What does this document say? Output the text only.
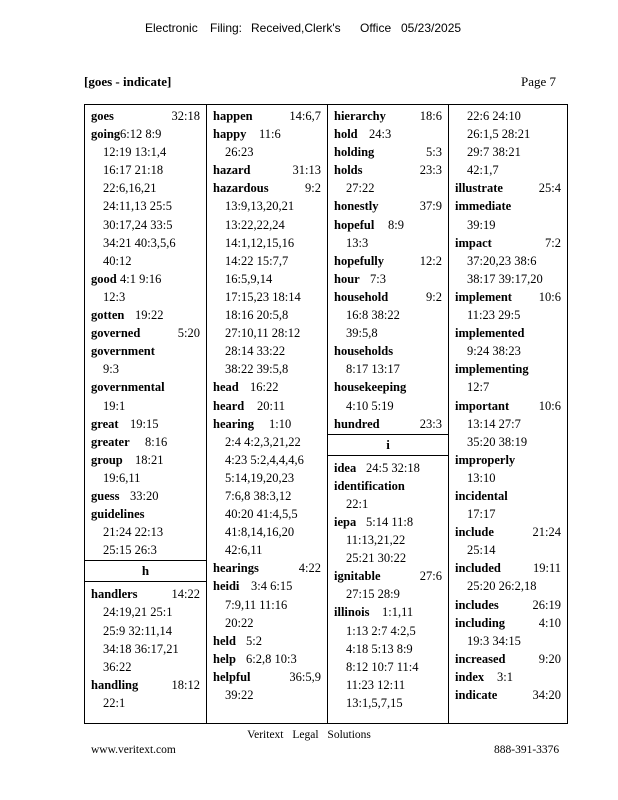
Electronic Filing: Received,Clerk's Office 05/23/2025
[goes - indicate]	Page 7
goes	32:18
going 6:12 8:9
12:19 13:1,4
16:17 21:18
22:6,16,21
24:11,13 25:5
30:17,24 33:5
34:21 40:3,5,6
40:12
good 4:1 9:16
12:3
gotten 19:22
governed	5:20
government
9:3
governmental
19:1
great 19:15
greater 8:16
group 18:21
19:6,11
guess 33:20
guidelines
21:24 22:13
25:15 26:3
h
handlers	14:22
24:19,21 25:1
25:9 32:11,14
34:18 36:17,21
36:22
handling	18:12
22:1
happen	14:6,7
happy 11:6
26:23
hazard	31:13
hazardous	9:2
13:9,13,20,21
13:22,22,24
14:1,12,15,16
14:22 15:7,7
16:5,9,14
17:15,23 18:14
18:16 20:5,8
27:10,11 28:12
28:14 33:22
38:22 39:5,8
head 16:22
heard 20:11
hearing 1:10
2:4 4:2,3,21,22
4:23 5:2,4,4,4,6
5:14,19,20,23
7:6,8 38:3,12
40:20 41:4,5,5
41:8,14,16,20
42:6,11
hearings	4:22
heidi 3:4 6:15
7:9,11 11:16
20:22
held 5:2
help 6:2,8 10:3
helpful	36:5,9
39:22
hierarchy	18:6
hold 24:3
holding	5:3
holds	23:3
27:22
honestly	37:9
hopeful 8:9
13:3
hopefully	12:2
hour 7:3
household	9:2
16:8 38:22
39:5,8
households
8:17 13:17
housekeeping
4:10 5:19
hundred	23:3
i
idea 24:5 32:18
identification
22:1
iepa 5:14 11:8
11:13,21,22
25:21 30:22
ignitable	27:6
27:15 28:9
illinois 1:1,11
1:13 2:7 4:2,5
4:18 5:13 8:9
8:12 10:7 11:4
11:23 12:11
13:1,5,7,15
22:6 24:10
26:1,5 28:21
29:7 38:21
42:1,7
illustrate	25:4
immediate
39:19
impact	7:2
37:20,23 38:6
38:17 39:17,20
implement 10:6
11:23 29:5
implemented
9:24 38:23
implementing
12:7
important 10:6
13:14 27:7
35:20 38:19
improperly
13:10
incidental
17:17
include	21:24
25:14
included	19:11
25:20 26:2,18
includes	26:19
including	4:10
19:3 34:15
increased	9:20
index 3:1
indicate	34:20
Veritext Legal Solutions
www.veritext.com	888-391-3376
